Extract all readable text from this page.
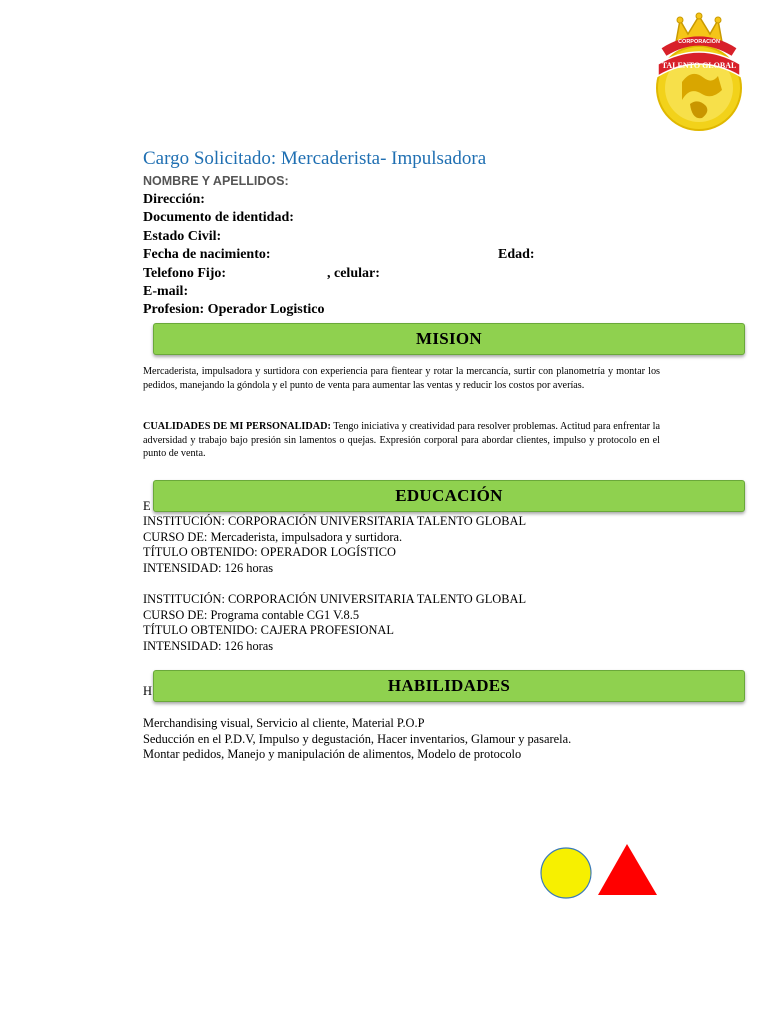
CORPORACIÓN
TALENTO GLOBAL
Cargo Solicitado: Mercaderista- Impulsadora
NOMBRE Y APELLIDOS:
Dirección:
Documento de identidad:
Estado Civil:
Fecha de nacimiento:	Edad:
Telefono Fijo:	, celular:
E-mail:
Profesion: Operador Logistico
MISION
Mercaderista, impulsadora y surtidora con experiencia para fientear y rotar la mercancía, surtir con planometría y montar los pedidos, manejando la góndola y el punto de venta para aumentar las ventas y reducir los costos por averías.
CUALIDADES DE MI PERSONALIDAD: Tengo iniciativa y creatividad para resolver problemas. Actitud para enfrentar la adversidad y trabajo bajo presión sin lamentos o quejas. Expresión corporal para abordar clientes, impulso y protocolo en el punto de venta.
E
EDUCACIÓN
INSTITUCIÓN: CORPORACIÓN UNIVERSITARIA TALENTO GLOBAL
CURSO DE: Mercaderista, impulsadora y surtidora.
TÍTULO OBTENIDO: OPERADOR LOGÍSTICO
INTENSIDAD: 126 horas
INSTITUCIÓN: CORPORACIÓN UNIVERSITARIA TALENTO GLOBAL
CURSO DE: Programa contable CG1 V.8.5
TÍTULO OBTENIDO: CAJERA PROFESIONAL
INTENSIDAD: 126 horas
H	HABILIDADES
Merchandising visual, Servicio al cliente, Material P.O.P
Seducción en el P.D.V, Impulso y degustación, Hacer inventarios, Glamour y pasarela.
Montar pedidos, Manejo y manipulación de alimentos, Modelo de protocolo
